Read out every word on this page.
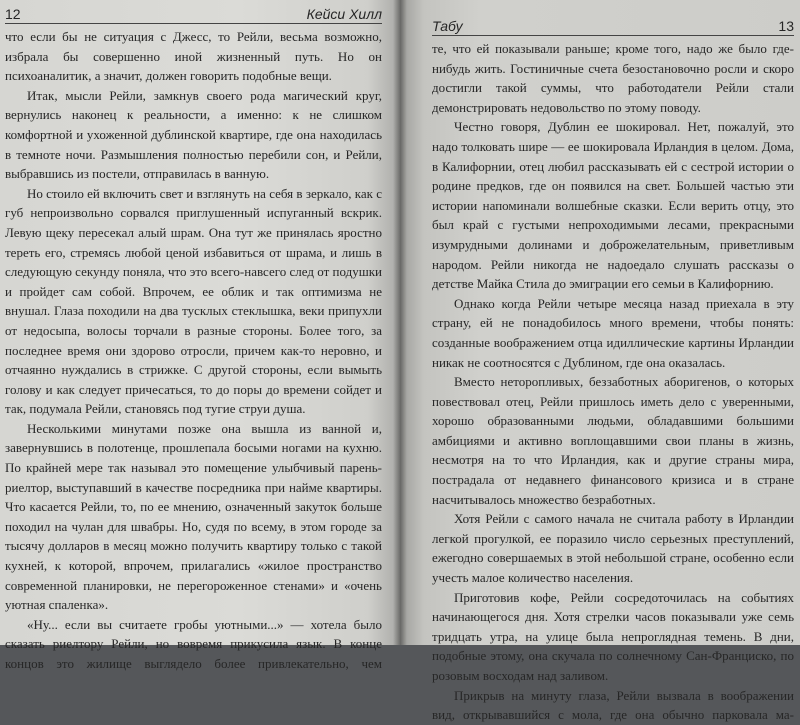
12	Кейси Хилл

что если бы не ситуация с Джесс, то Рейли, весьма возможно, избрала бы совершенно иной жизненный путь. Но он психоаналитик, а значит, должен говорить подобные вещи.

Итак, мысли Рейли, замкнув своего рода магический круг, вернулись наконец к реальности, а именно: к не слишком комфортной и ухоженной дублинской квартире, где она находилась в темноте ночи. Размышления полностью перебили сон, и Рейли, выбравшись из постели, отправилась в ванную.

Но стоило ей включить свет и взглянуть на себя в зеркало, как с губ непроизвольно сорвался приглушенный испуганный вскрик. Левую щеку пересекал алый шрам. Она тут же принялась яростно тереть его, стремясь любой ценой избавиться от шрама, и лишь в следующую секунду поняла, что это всего-навсего след от подушки и пройдет сам собой. Впрочем, ее облик и так оптимизма не внушал. Глаза походили на два тусклых стеклышка, веки припухли от недосыпа, волосы торчали в разные стороны. Более того, за последнее время они здорово отросли, причем как-то неровно, и отчаянно нуждались в стрижке. С другой стороны, если вымыть голову и как следует причесаться, то до поры до времени сойдет и так, подумала Рейли, становясь под тугие струи душа.

Несколькими минутами позже она вышла из ванной и, завернувшись в полотенце, прошлепала босыми ногами на кухню. По крайней мере так называл это помещение улыбчивый парень-риелтор, выступавший в качестве посредника при найме квартиры. Что касается Рейли, то, по ее мнению, означенный закуток больше походил на чулан для швабры. Но, судя по всему, в этом городе за тысячу долларов в месяц можно получить квартиру только с такой кухней, к которой, впрочем, прилагались «жилое пространство современной планировки, не перегороженное стенами» и «очень уютная спаленка».

«Ну... если вы считаете гробы уютными...» — хотела было сказать риелтору Рейли, но вовремя прикусила язык. В конце концов это жилище выглядело более привлекательно, чем

Табу	13

те, что ей показывали раньше; кроме того, надо же было где-нибудь жить. Гостиничные счета безостановочно росли и скоро достигли такой суммы, что работодатели Рейли стали демонстрировать недовольство по этому поводу.

Честно говоря, Дублин ее шокировал. Нет, пожалуй, это надо толковать шире — ее шокировала Ирландия в целом. Дома, в Калифорнии, отец любил рассказывать ей с сестрой истории о родине предков, где он появился на свет. Большей частью эти истории напоминали волшебные сказки. Если верить отцу, это был край с густыми непроходимыми лесами, прекрасными изумрудными долинами и доброжелательным, приветливым народом. Рейли никогда не надоедало слушать рассказы о детстве Майка Стила до эмиграции его семьи в Калифорнию.

Однако когда Рейли четыре месяца назад приехала в эту страну, ей не понадобилось много времени, чтобы понять: созданные воображением отца идиллические картины Ирландии никак не соотносятся с Дублином, где она оказалась.

Вместо неторопливых, беззаботных аборигенов, о которых повествовал отец, Рейли пришлось иметь дело с уверенными, хорошо образованными людьми, обладавшими большими амбициями и активно воплощавшими свои планы в жизнь, несмотря на то что Ирландия, как и другие страны мира, пострадала от недавнего финансового кризиса и в стране насчитывалось множество безработных.

Хотя Рейли с самого начала не считала работу в Ирландии легкой прогулкой, ее поразило число серьезных преступлений, ежегодно совершаемых в этой небольшой стране, особенно если учесть малое количество населения.

Приготовив кофе, Рейли сосредоточилась на событиях начинающегося дня. Хотя стрелки часов показывали уже семь тридцать утра, на улице была непроглядная темень. В дни, подобные этому, она скучала по солнечному Сан-Франциско, по розовым восходам над заливом.

Прикрыв на минуту глаза, Рейли вызвала в воображении вид, открывавшийся с мола, где она обычно парковала ма-
